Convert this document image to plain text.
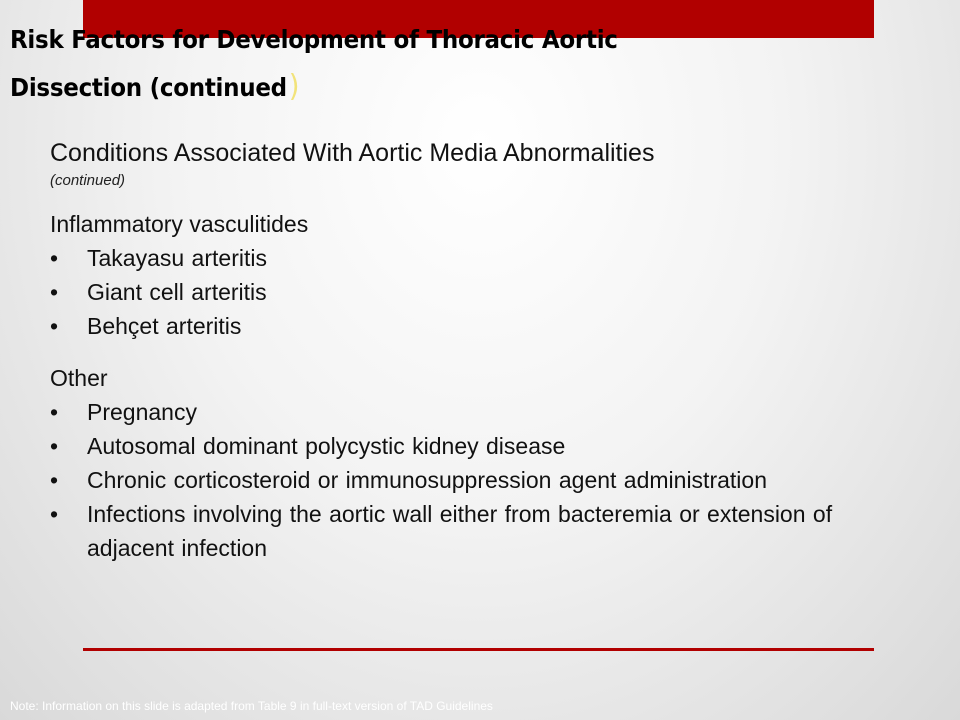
Risk Factors for Development of Thoracic Aortic
Dissection (continued)

Conditions Associated With Aortic Media Abnormalities

(continued)

Inflammatory vasculitides

• Takayasu arteritis
• Giant cell arteritis
• Behçet arteritis

Other

• Pregnancy
• Autosomal dominant polycystic kidney disease
• Chronic corticosteroid or immunosuppression agent administration
• Infections involving the aortic wall either from bacteremia or extension of adjacent infection
Note: Information on this slide is adapted from Table 9 in full-text version of TAD Guidelines
